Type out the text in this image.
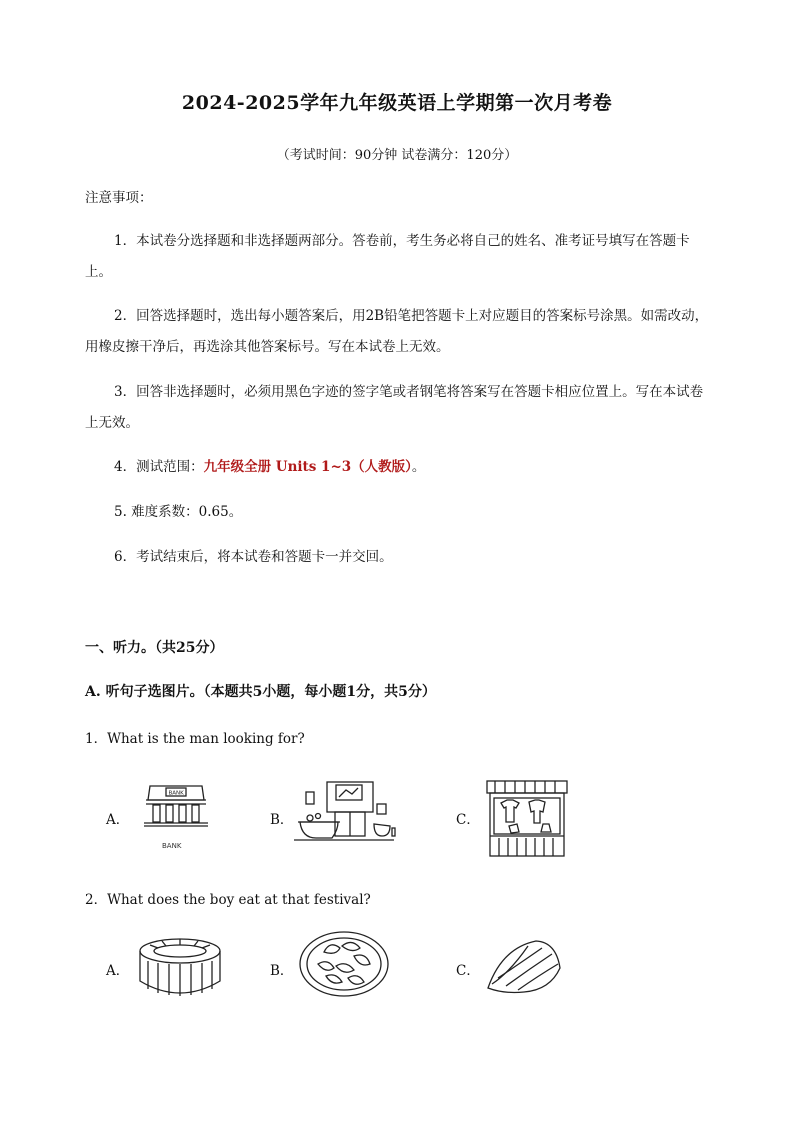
2024-2025学年九年级英语上学期第一次月考卷
（考试时间：90分钟 试卷满分：120分）
注意事项：
1．本试卷分选择题和非选择题两部分。答卷前，考生务必将自己的姓名、准考证号填写在答题卡上。
2．回答选择题时，选出每小题答案后，用2B铅笔把答题卡上对应题目的答案标号涂黑。如需改动，用橡皮擦干净后，再选涂其他答案标号。写在本试卷上无效。
3．回答非选择题时，必须用黑色字迹的签字笔或者钢笔将答案写在答题卡相应位置上。写在本试卷上无效。
4．测试范围：九年级全册 Units 1~3（人教版）。
5. 难度系数：0.65。
6．考试结束后，将本试卷和答题卡一并交回。
一、听力。（共25分）
A. 听句子选图片。（本题共5小题，每小题1分，共5分）
1．What is the man looking for?
A．
BANK
BANK
B．	C．
2．What does the boy eat at that festival?
A．	B．	C．
